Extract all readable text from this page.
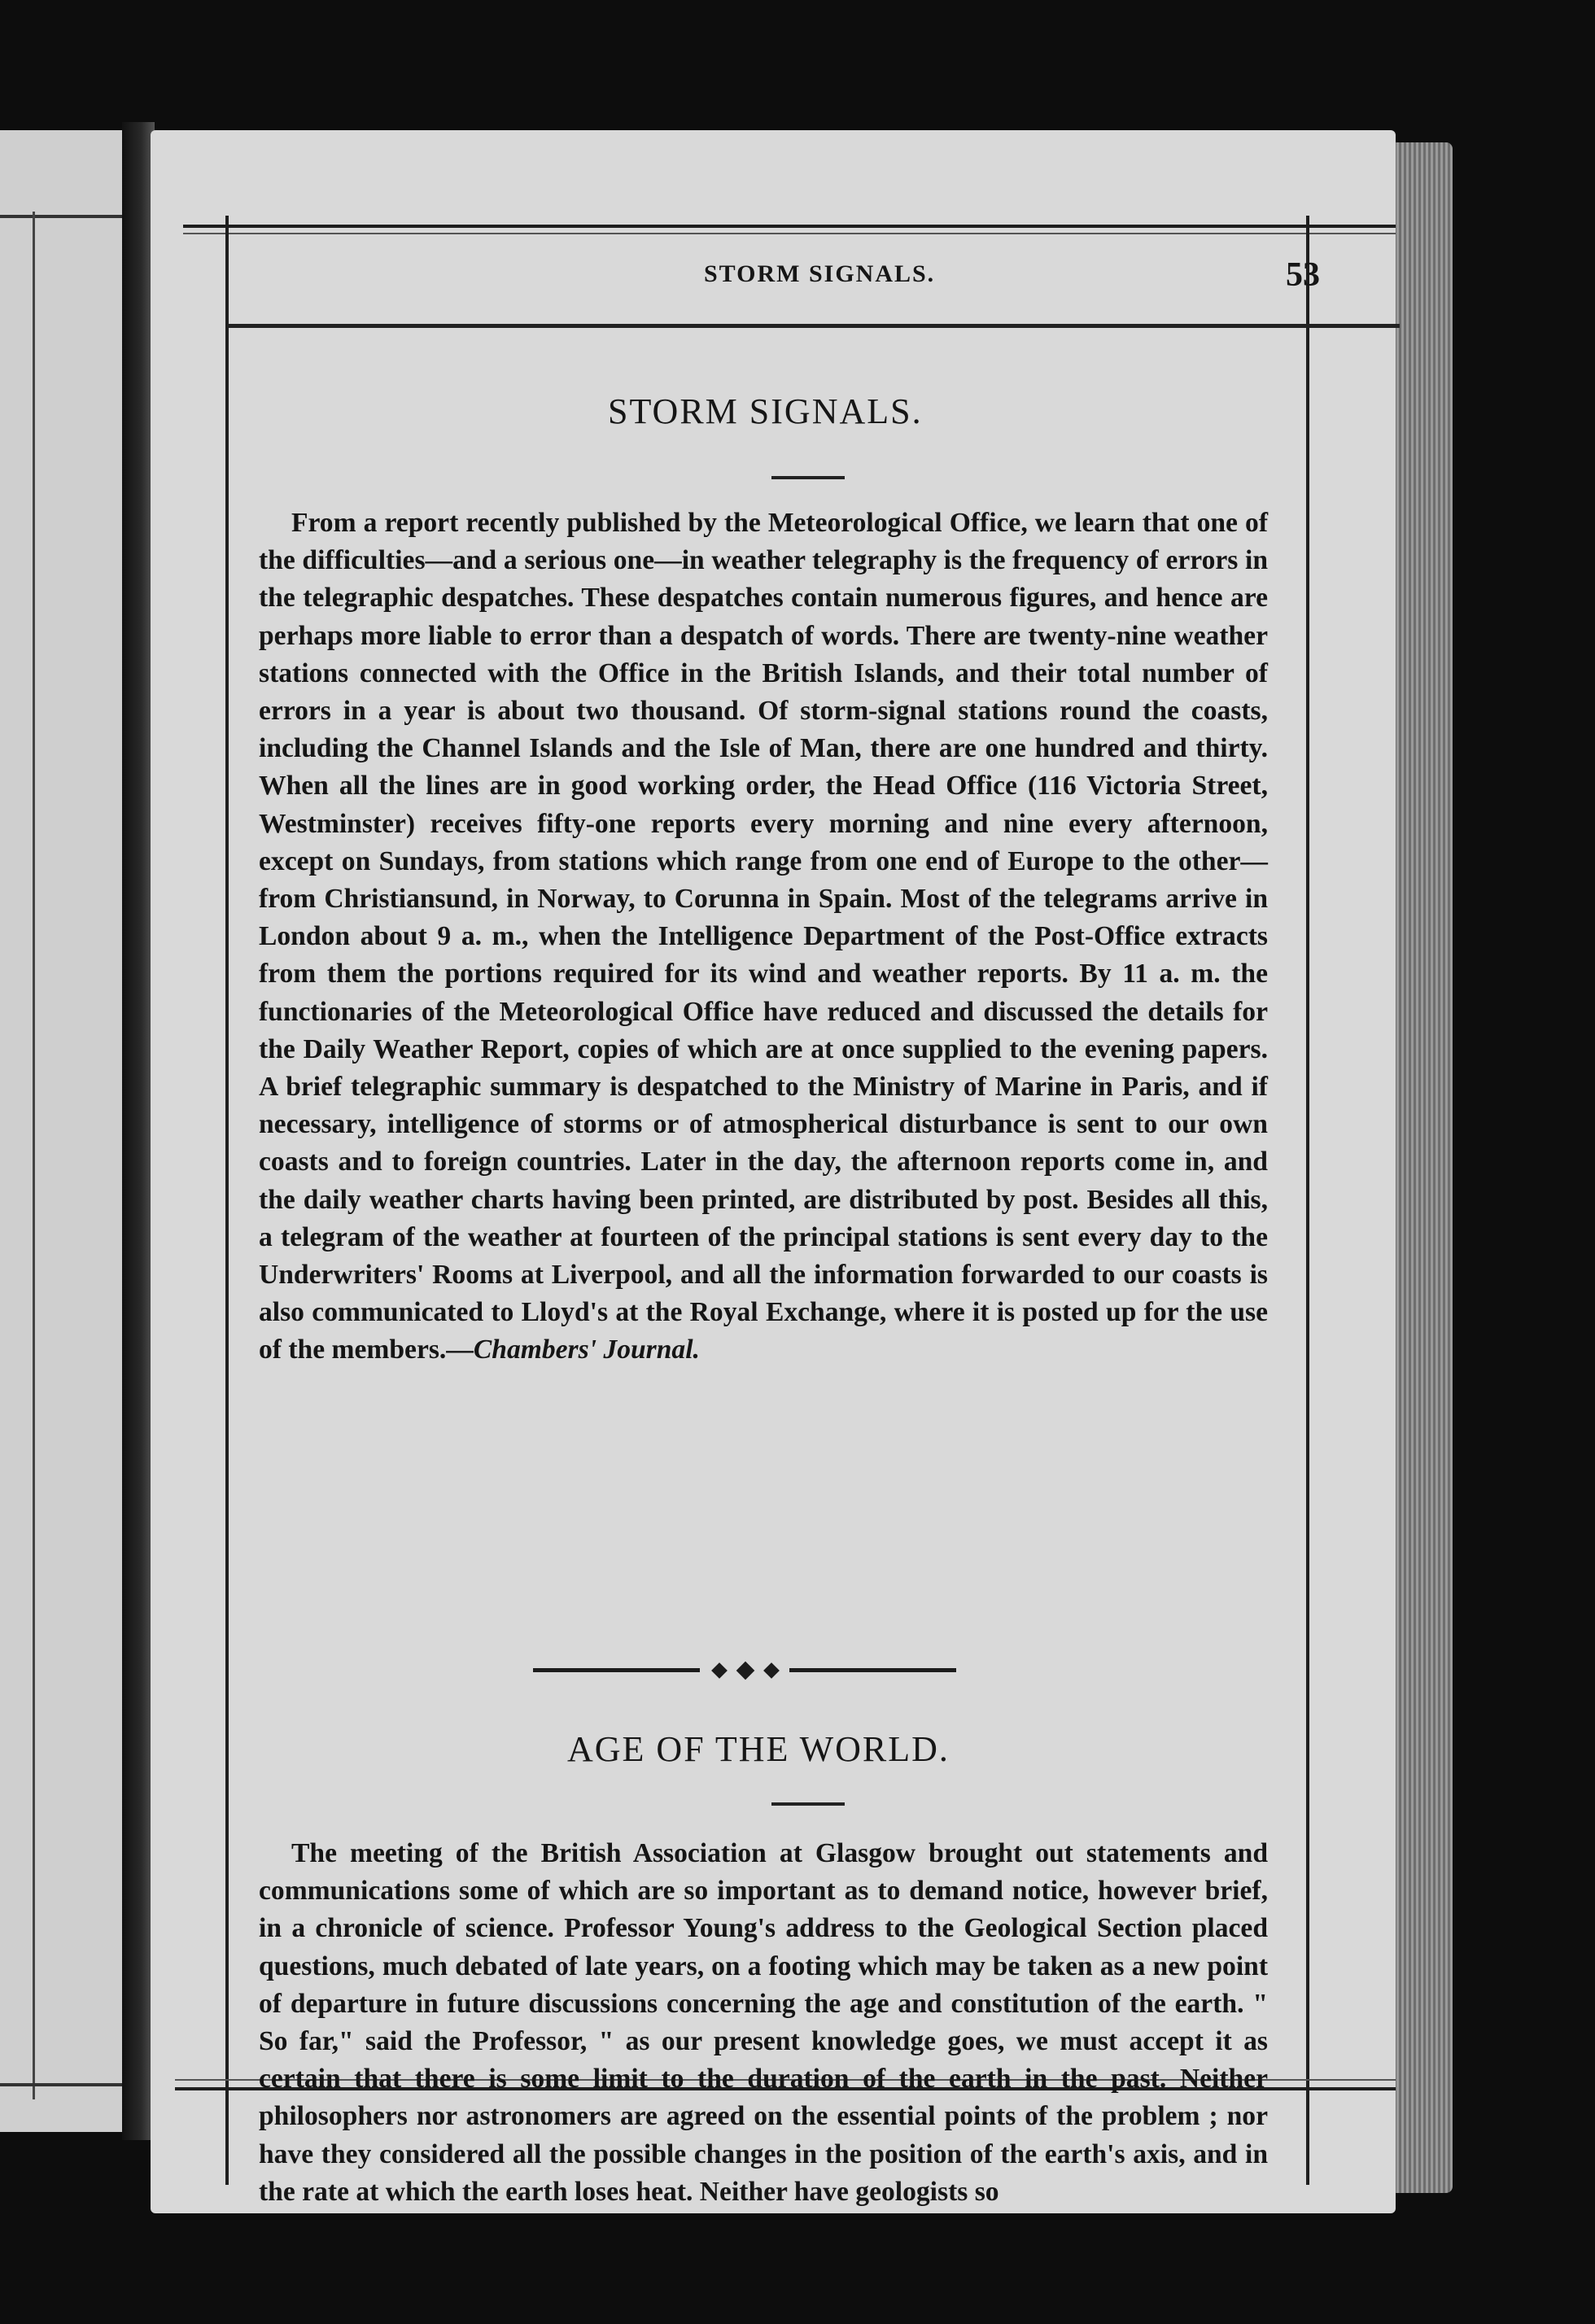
STORM SIGNALS.	53
STORM SIGNALS.

From a report recently published by the Meteorological Office, we learn that one of the difficulties—and a serious one—in weather telegraphy is the frequency of errors in the telegraphic despatches. These despatches contain numerous figures, and hence are perhaps more liable to error than a despatch of words. There are twenty-nine weather stations connected with the Office in the British Islands, and their total number of errors in a year is about two thousand. Of storm-signal stations round the coasts, including the Channel Islands and the Isle of Man, there are one hundred and thirty. When all the lines are in good working order, the Head Office (116 Victoria Street, Westminster) receives fifty-one reports every morning and nine every afternoon, except on Sundays, from stations which range from one end of Europe to the other—from Christiansund, in Norway, to Corunna in Spain. Most of the telegrams arrive in London about 9 a. m., when the Intelligence Department of the Post-Office extracts from them the portions required for its wind and weather reports. By 11 a. m. the functionaries of the Meteorological Office have reduced and discussed the details for the Daily Weather Report, copies of which are at once supplied to the evening papers. A brief telegraphic summary is despatched to the Ministry of Marine in Paris, and if necessary, intelligence of storms or of atmospherical disturbance is sent to our own coasts and to foreign countries. Later in the day, the afternoon reports come in, and the daily weather charts having been printed, are distributed by post. Besides all this, a telegram of the weather at fourteen of the principal stations is sent every day to the Underwriters' Rooms at Liverpool, and all the information forwarded to our coasts is also communicated to Lloyd's at the Royal Exchange, where it is posted up for the use of the members.—Chambers' Journal.

AGE OF THE WORLD.

The meeting of the British Association at Glasgow brought out statements and communications some of which are so important as to demand notice, however brief, in a chronicle of science. Professor Young's address to the Geological Section placed questions, much debated of late years, on a footing which may be taken as a new point of departure in future discussions concerning the age and constitution of the earth. " So far," said the Professor, " as our present knowledge goes, we must accept it as certain that there is some limit to the duration of the earth in the past. Neither philosophers nor astronomers are agreed on the essential points of the problem ; nor have they considered all the possible changes in the position of the earth's axis, and in the rate at which the earth loses heat. Neither have geologists so
